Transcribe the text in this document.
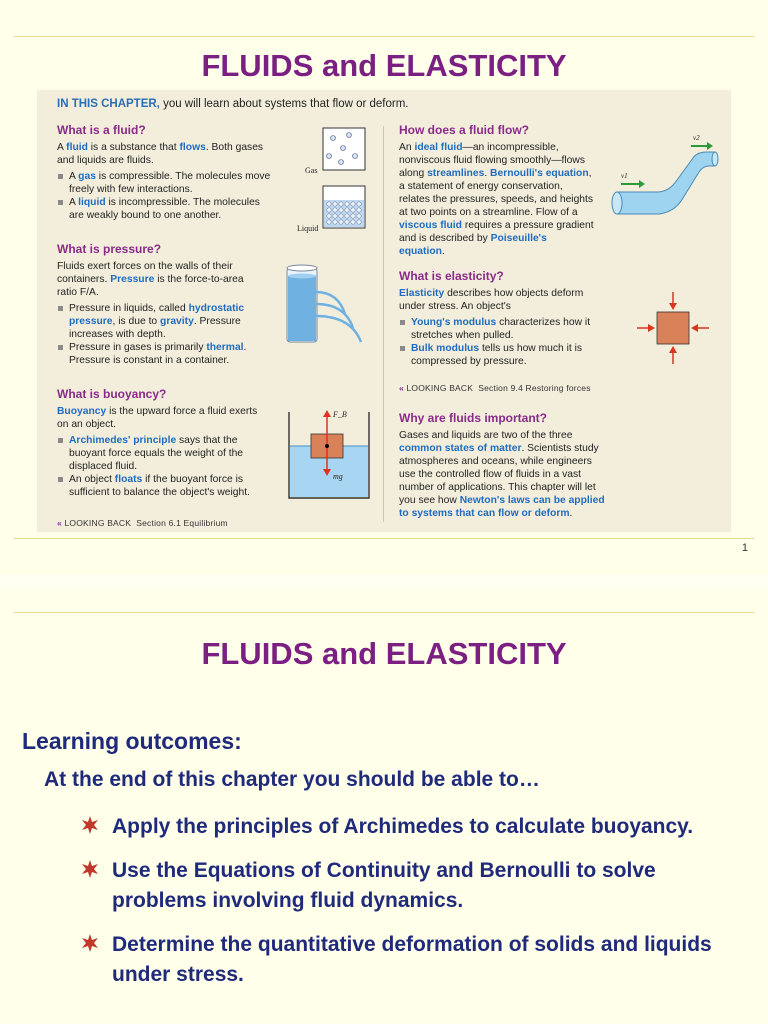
FLUIDS and ELASTICITY
IN THIS CHAPTER, you will learn about systems that flow or deform.
What is a fluid?

A fluid is a substance that flows. Both gases and liquids are fluids.

A gas is compressible. The molecules move freely with few interactions.
A liquid is incompressible. The molecules are weakly bound to one another.
Gas
Liquid
What is pressure?

Fluids exert forces on the walls of their containers. Pressure is the force-to-area ratio F/A.

Pressure in liquids, called hydrostatic pressure, is due to gravity. Pressure increases with depth.
Pressure in gases is primarily thermal. Pressure is constant in a container.
What is buoyancy?

Buoyancy is the upward force a fluid exerts on an object.

Archimedes' principle says that the buoyant force equals the weight of the displaced fluid.
An object floats if the buoyant force is sufficient to balance the object's weight.
« LOOKING BACK Section 6.1 Equilibrium
F_B
mg
How does a fluid flow?

An ideal fluid—an incompressible, nonviscous fluid flowing smoothly—flows along streamlines. Bernoulli's equation, a statement of energy conservation, relates the pressures, speeds, and heights at two points on a streamline. Flow of a viscous fluid requires a pressure gradient and is described by Poiseuille's equation.

v1
v2
What is elasticity?

Elasticity describes how objects deform under stress. An object's

Young's modulus characterizes how it stretches when pulled.
Bulk modulus tells us how much it is compressed by pressure.
« LOOKING BACK Section 9.4 Restoring forces
Why are fluids important?

Gases and liquids are two of the three common states of matter. Scientists study atmospheres and oceans, while engineers use the controlled flow of fluids in a vast number of applications. This chapter will let you see how Newton's laws can be applied to systems that can flow or deform.

1
FLUIDS and ELASTICITY
Learning outcomes:
At the end of this chapter you should be able to…
Apply the principles of Archimedes to calculate buoyancy.
Use the Equations of Continuity and Bernoulli to solve problems involving fluid dynamics.
Determine the quantitative deformation of solids and liquids under stress.
